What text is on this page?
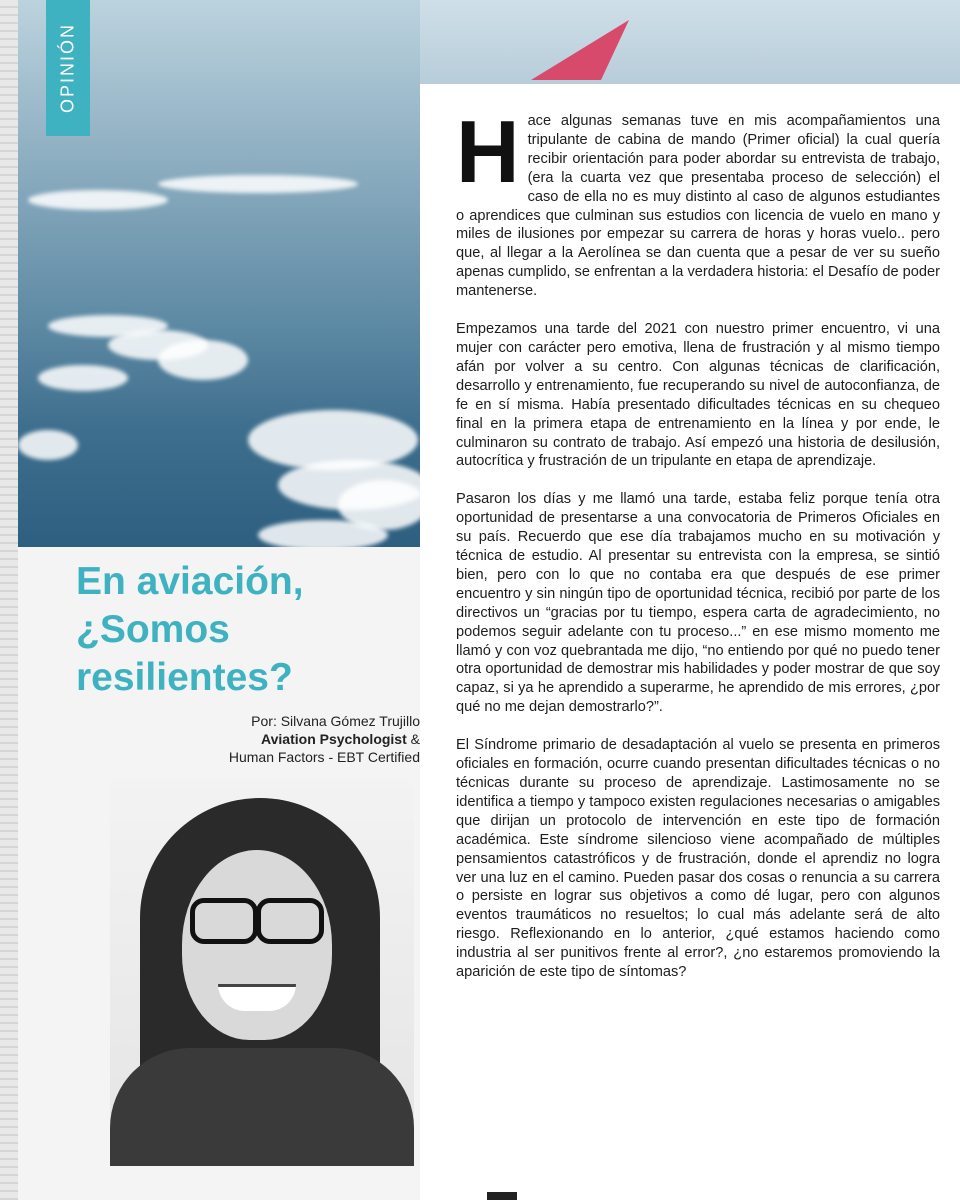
OPINIÓN

H ace algunas semanas tuve en mis acompañamientos una tripulante de cabina de mando (Primer oficial) la cual quería recibir orientación para poder abordar su entrevista de trabajo, (era la cuarta vez que presentaba proceso de selección) el caso de ella no es muy distinto al caso de algunos estudiantes o aprendices que culminan sus estudios con licencia de vuelo en mano y miles de ilusiones por empezar su carrera de horas y horas vuelo.. pero que, al llegar a la Aerolínea se dan cuenta que a pesar de ver su sueño apenas cumplido, se enfrentan a la verdadera historia: el Desafío de poder mantenerse.

Empezamos una tarde del 2021 con nuestro primer encuentro, vi una mujer con carácter pero emotiva, llena de frustración y al mismo tiempo afán por volver a su centro. Con algunas técnicas de clarificación, desarrollo y entrenamiento, fue recuperando su nivel de autoconfianza, de fe en sí misma. Había presentado dificultades técnicas en su chequeo final en la primera etapa de entrenamiento en la línea y por ende, le culminaron su contrato de trabajo. Así empezó una historia de desilusión, autocrítica y frustración de un tripulante en etapa de aprendizaje.

Pasaron los días y me llamó una tarde, estaba feliz porque tenía otra oportunidad de presentarse a una convocatoria de Primeros Oficiales en su país. Recuerdo que ese día trabajamos mucho en su motivación y técnica de estudio. Al presentar su entrevista con la empresa, se sintió bien, pero con lo que no contaba era que después de ese primer encuentro y sin ningún tipo de oportunidad técnica, recibió por parte de los directivos un “gracias por tu tiempo, espera carta de agradecimiento, no podemos seguir adelante con tu proceso...” en ese mismo momento me llamó y con voz quebrantada me dijo, “no entiendo por qué no puedo tener otra oportunidad de demostrar mis habilidades y poder mostrar de que soy capaz, si ya he aprendido a superarme, he aprendido de mis errores, ¿por qué no me dejan demostrarlo?”.

El Síndrome primario de desadaptación al vuelo se presenta en primeros oficiales en formación, ocurre cuando presentan dificultades técnicas o no técnicas durante su proceso de aprendizaje. Lastimosamente no se identifica a tiempo y tampoco existen regulaciones necesarias o amigables que dirijan un protocolo de intervención en este tipo de formación académica. Este síndrome silencioso viene acompañado de múltiples pensamientos catastróficos y de frustración, donde el aprendiz no logra ver una luz en el camino. Pueden pasar dos cosas o renuncia a su carrera o persiste en lograr sus objetivos a como dé lugar, pero con algunos eventos traumáticos no resueltos; lo cual más adelante será de alto riesgo. Reflexionando en lo anterior, ¿qué estamos haciendo como industria al ser punitivos frente al error?, ¿no estaremos promoviendo la aparición de este tipo de síntomas?

En aviación,
¿Somos
resilientes?
Por: Silvana Gómez Trujillo
Aviation Psychologist &
Human Factors - EBT Certified
